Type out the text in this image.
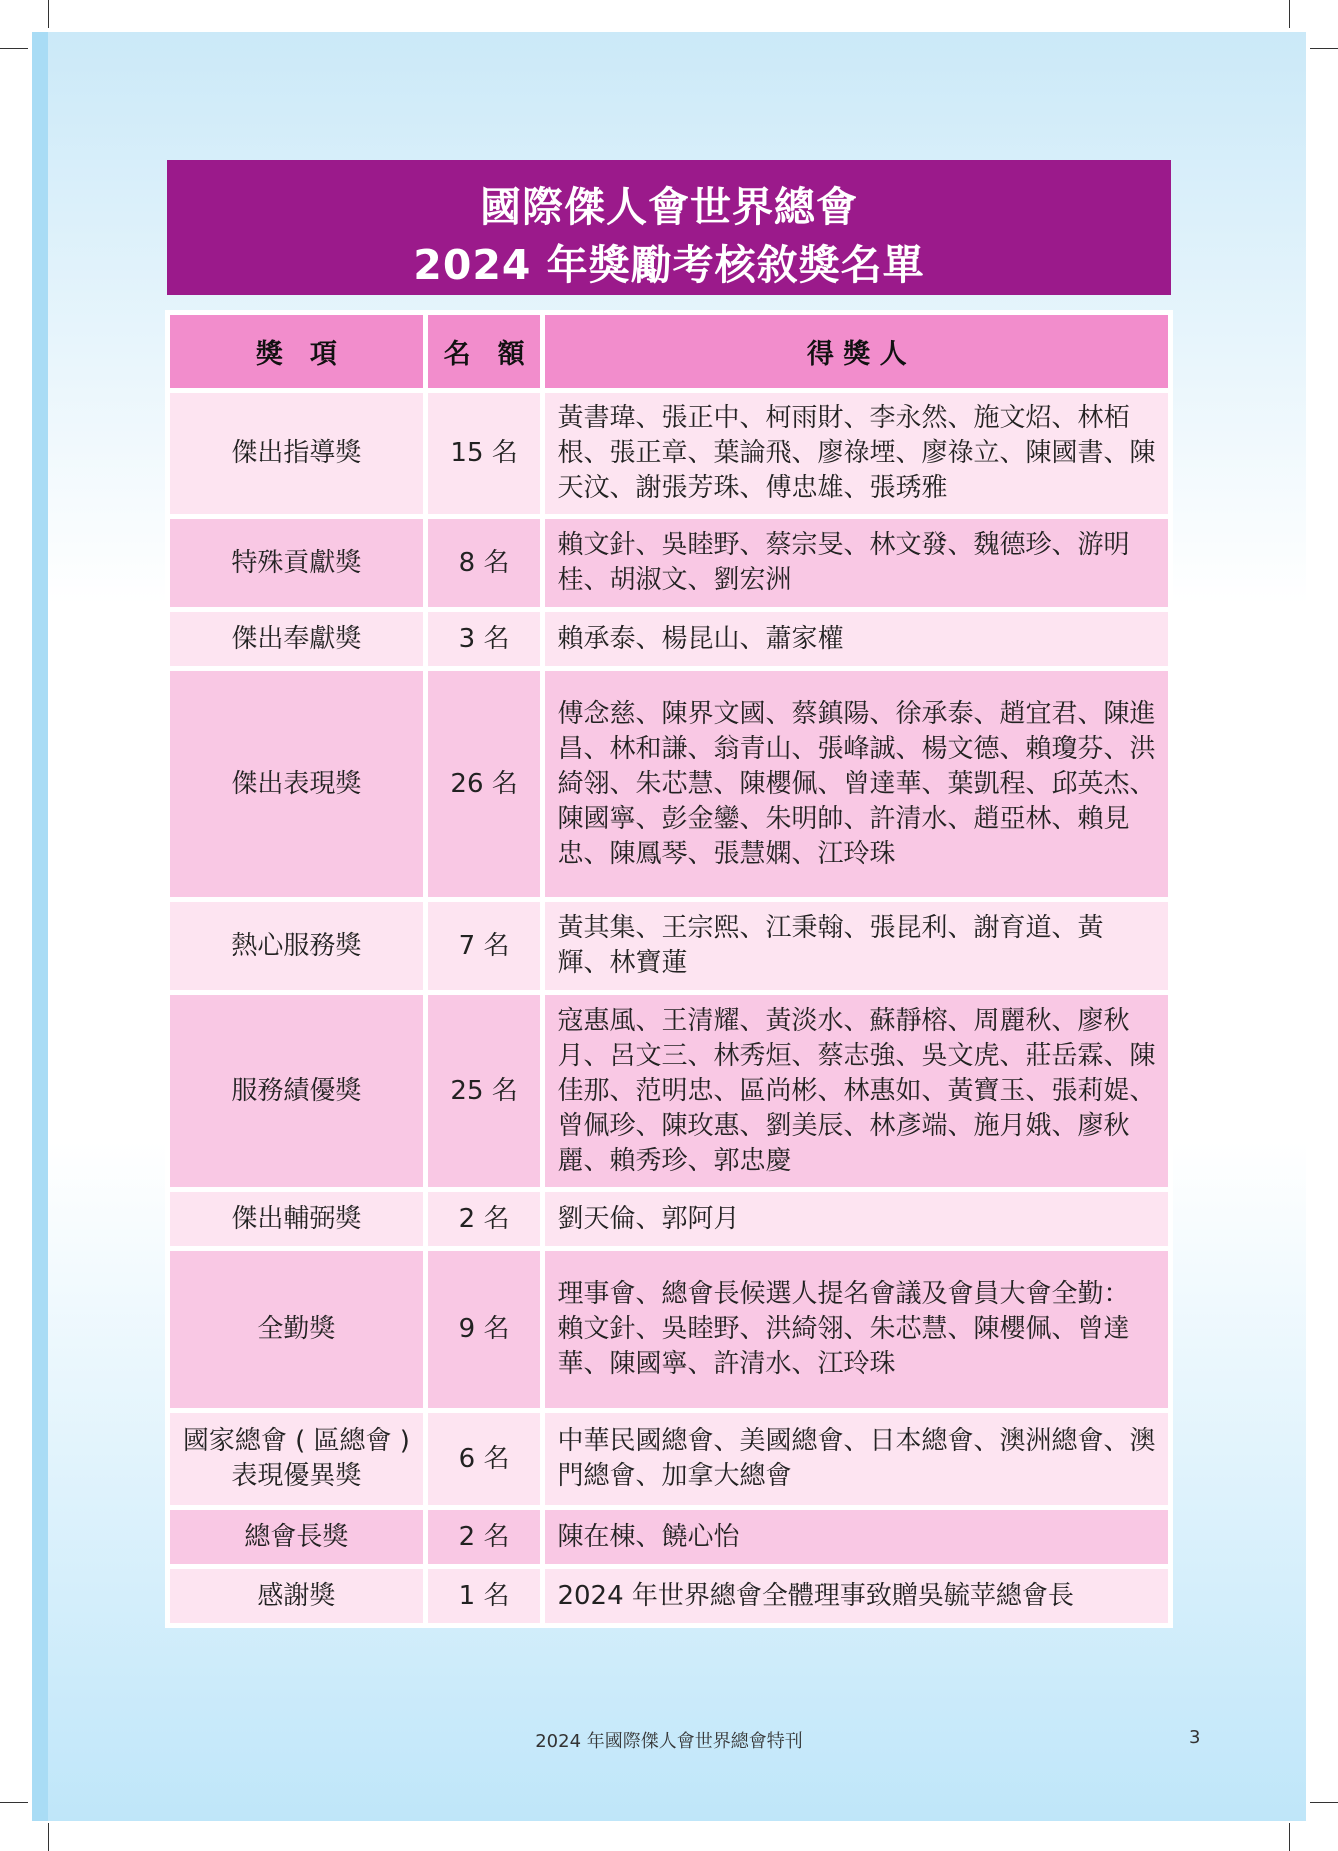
國際傑人會世界總會
2024 年獎勵考核敘獎名單
獎　項	名　額	得 獎 人
傑出指導獎	15 名	黃書瑋、張正中、柯雨財、李永然、施文炤、林栢根、張正章、葉論飛、廖祿堙、廖祿立、陳國書、陳天汶、謝張芳珠、傅忠雄、張琇雅
特殊貢獻獎	8 名	賴文針、吳睦野、蔡宗旻、林文發、魏德珍、游明桂、胡淑文、劉宏洲
傑出奉獻獎	3 名	賴承泰、楊昆山、蕭家權
傑出表現獎	26 名	傅念慈、陳界文國、蔡鎮陽、徐承泰、趙宜君、陳進昌、林和謙、翁青山、張峰誠、楊文德、賴瓊芬、洪綺翎、朱芯慧、陳櫻佩、曾達華、葉凱程、邱英杰、陳國寧、彭金鑾、朱明帥、許清水、趙亞林、賴見忠、陳鳳琴、張慧嫻、江玲珠
熱心服務獎	7 名	黃其集、王宗熙、江秉翰、張昆利、謝育道、黃　輝、林寶蓮
服務績優獎	25 名	寇惠風、王清耀、黃淡水、蘇靜榕、周麗秋、廖秋月、呂文三、林秀烜、蔡志強、吳文虎、莊岳霖、陳佳那、范明忠、區尚彬、林惠如、黃寶玉、張莉媞、曾佩珍、陳玫惠、劉美辰、林彥端、施月娥、廖秋麗、賴秀珍、郭忠慶
傑出輔弼獎	2 名	劉天倫、郭阿月
全勤獎	9 名	理事會、總會長候選人提名會議及會員大會全勤：
賴文針、吳睦野、洪綺翎、朱芯慧、陳櫻佩、曾達華、陳國寧、許清水、江玲珠

國家總會 ( 區總會 )
表現優異獎	6 名	中華民國總會、美國總會、日本總會、澳洲總會、澳門總會、加拿大總會
總會長獎	2 名	陳在棟、饒心怡
感謝獎	1 名	2024 年世界總會全體理事致贈吳毓苹總會長
2024 年國際傑人會世界總會特刊	3
